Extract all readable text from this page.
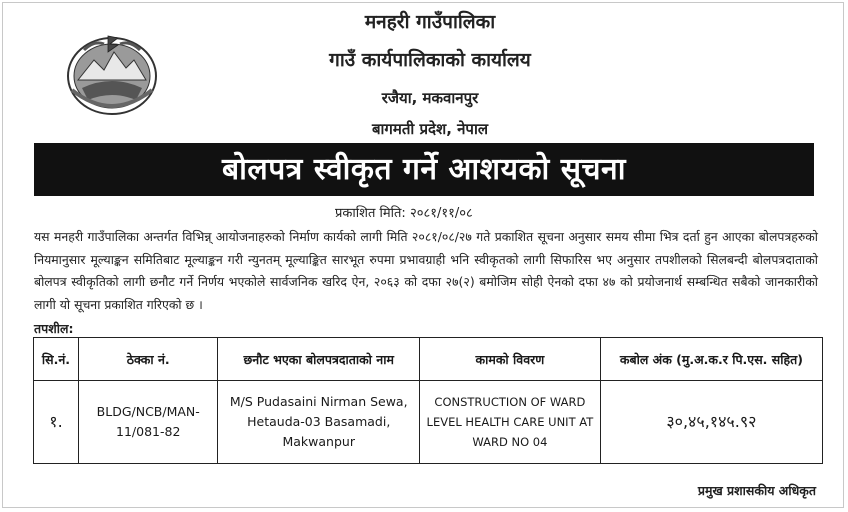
मनहरी गाउँपालिका
गाउँ कार्यपालिकाको कार्यालय
रजैया, मकवानपुर
बागमती प्रदेश, नेपाल
बोलपत्र स्वीकृत गर्ने आशयको सूचना
प्रकाशित मिति: २०८१/११/०८
यस मनहरी गाउँपालिका अन्तर्गत विभिन्न् आयोजनाहरुको निर्माण कार्यको लागी मिति २०८१/०८/२७ गते प्रकाशित सूचना अनुसार समय सीमा भित्र दर्ता हुन आएका बोलपत्रहरुको नियमानुसार मूल्याङ्कन समितिबाट मूल्याङ्कन गरी न्युनतम् मूल्याङ्कित सारभूत रुपमा प्रभावग्राही भनि स्वीकृतको लागी सिफारिस भए अनुसार तपशीलको सिलबन्दी बोलपत्रदाताको बोलपत्र स्वीकृतिको लागी छनौट गर्ने निर्णय भएकोले सार्वजनिक खरिद ऐन, २०६३ को दफा २७(२) बमोजिम सोही ऐनको दफा ४७ को प्रयोजनार्थ सम्बन्धित सबैको जानकारीको लागी यो सूचना प्रकाशित गरिएको छ ।
तपशील:
सि.नं.	ठेक्का नं.	छनौट भएका बोलपत्रदाताको नाम	कामको विवरण	कबोल अंक (मु.अ.क.र पि.एस. सहित)
१.	BLDG/NCB/MAN-11/081-82	M/S Pudasaini Nirman Sewa, Hetauda-03 Basamadi, Makwanpur	CONSTRUCTION OF WARD LEVEL HEALTH CARE UNIT AT WARD NO 04	३०,४५,१४५.९२
प्रमुख प्रशासकीय अधिकृत
